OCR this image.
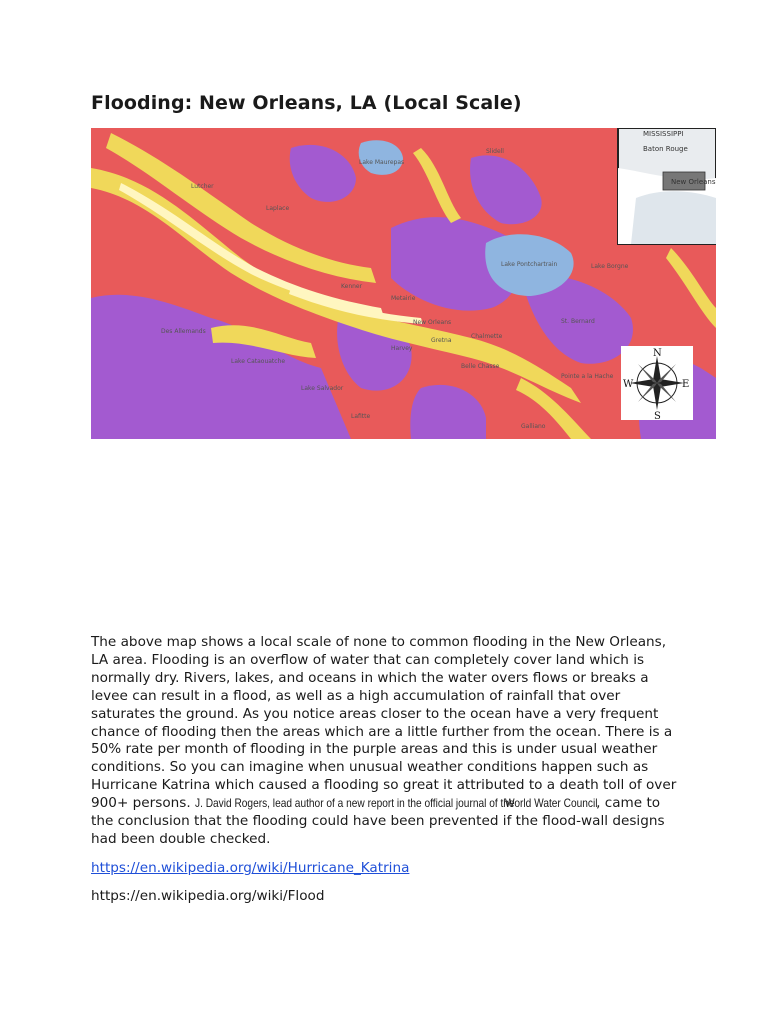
Flooding: New Orleans, LA (Local Scale)
Lutcher
Laplace
Lake Maurepas
Slidell
Lake Pontchartrain
Kenner
Metairie
New Orleans
Chalmette
Harvey
Gretna
Belle Chasse
Lake Salvador
Lake Cataouatche
Des Allemands
Lafitte
Galliano
Pointe a la Hache
St. Bernard
Lake Borgne
MISSISSIPPI
Baton Rouge
New Orleans
N
S
E
W

The above map shows a local scale of none to common flooding in the New Orleans, LA area. Flooding is an overflow of water that can completely cover land which is normally dry. Rivers, lakes, and oceans in which the water overs flows or breaks a levee can result in a flood, as well as a high accumulation of rainfall that over saturates the ground. As you notice areas closer to the ocean have a very frequent chance of flooding then the areas which are a little further from the ocean. There is a 50% rate per month of flooding in the purple areas and this is under usual weather conditions. So you can imagine when unusual weather conditions happen such as Hurricane Katrina which caused a flooding so great it attributed to a death toll of over 900+ persons. J. David Rogers, lead author of a new report in the official journal of theWorld Water Council, came to the conclusion that the flooding could have been prevented if the flood-wall designs had been double checked.

https://en.wikipedia.org/wiki/Hurricane_Katrina
https://en.wikipedia.org/wiki/Flood
